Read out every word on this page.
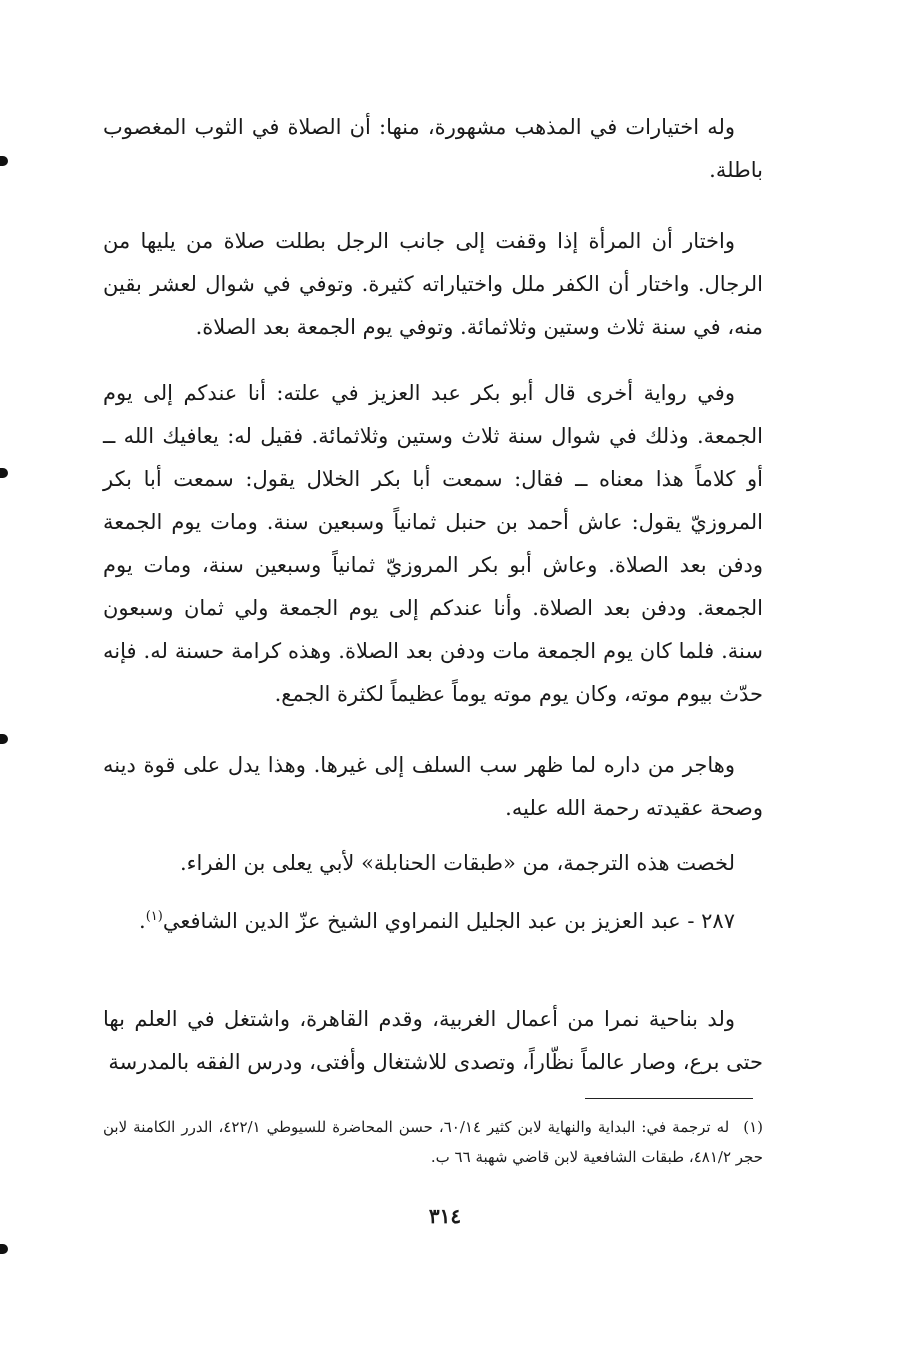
وله اختيارات في المذهب مشهورة، منها: أن الصلاة في الثوب المغصوب باطلة.
واختار أن المرأة إذا وقفت إلى جانب الرجل بطلت صلاة من يليها من الرجال. واختار أن الكفر ملل واختياراته كثيرة. وتوفي في شوال لعشر بقين منه، في سنة ثلاث وستين وثلاثمائة. وتوفي يوم الجمعة بعد الصلاة.
وفي رواية أخرى قال أبو بكر عبد العزيز في علته: أنا عندكم إلى يوم الجمعة. وذلك في شوال سنة ثلاث وستين وثلاثمائة. فقيل له: يعافيك الله ــ أو كلاماً هذا معناه ــ فقال: سمعت أبا بكر الخلال يقول: سمعت أبا بكر المروزيّ يقول: عاش أحمد بن حنبل ثمانياً وسبعين سنة. ومات يوم الجمعة ودفن بعد الصلاة. وعاش أبو بكر المروزيّ ثمانياً وسبعين سنة، ومات يوم الجمعة. ودفن بعد الصلاة. وأنا عندكم إلى يوم الجمعة ولي ثمان وسبعون سنة. فلما كان يوم الجمعة مات ودفن بعد الصلاة. وهذه كرامة حسنة له. فإنه حدّث بيوم موته، وكان يوم موته يوماً عظيماً لكثرة الجمع.
وهاجر من داره لما ظهر سب السلف إلى غيرها. وهذا يدل على قوة دينه وصحة عقيدته رحمة الله عليه.
لخصت هذه الترجمة، من «طبقات الحنابلة» لأبي يعلى بن الفراء.
٢٨٧ - عبد العزيز بن عبد الجليل النمراوي الشيخ عزّ الدين الشافعي$^{(١)}$.
ولد بناحية نمرا من أعمال الغربية، وقدم القاهرة، واشتغل في العلم بها حتى برع، وصار عالماً نظّاراً، وتصدى للاشتغال وأفتى، ودرس الفقه بالمدرسة
(١)له ترجمة في: البداية والنهاية لابن كثير ٦٠/١٤، حسن المحاضرة للسيوطي ٤٢٢/١، الدرر الكامنة لابن حجر ٤٨١/٢، طبقات الشافعية لابن قاضي شهبة ٦٦ ب.
٣١٤
